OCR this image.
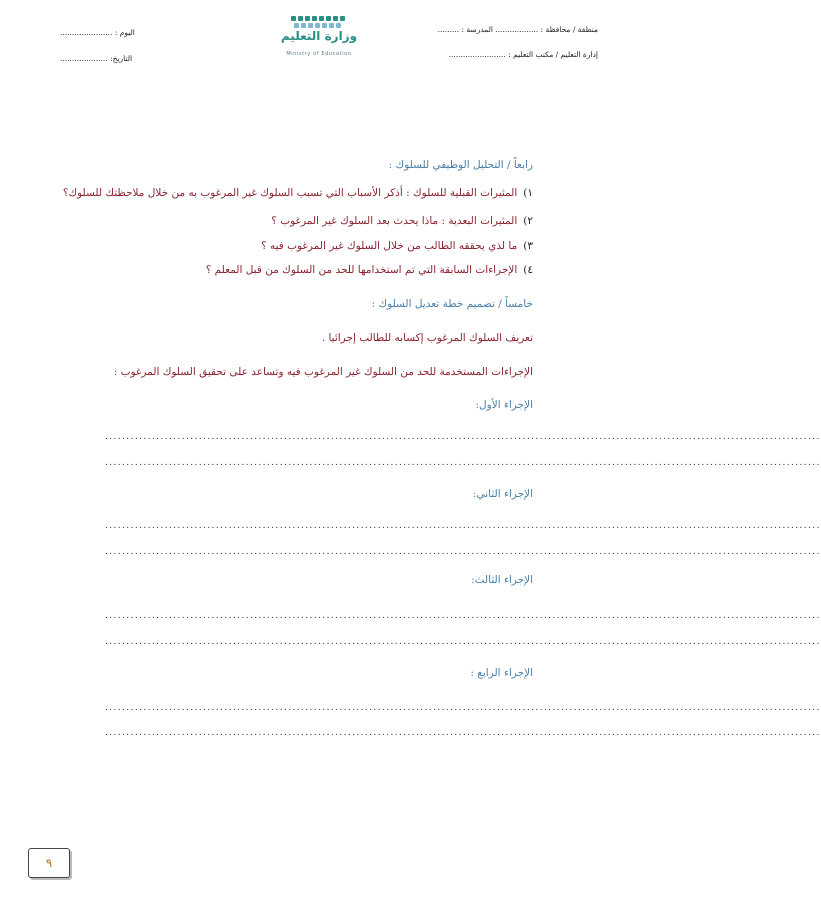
منطقة / محافظة : .................. المدرسة : .........
إدارة التعليم / مكتب التعليم : ........................
اليوم : ......................
التاريخ: ....................
وزارة التعليم
Ministry of Education
رابعاً / التحليل الوظيفي للسلوك :
١)المثيرات القبلية للسلوك : أذكر الأسباب التي تسبب السلوك غير المرغوب به من خلال ملاحظتك للسلوك؟
٢)المثيرات البعدية : ماذا يحدث بعد السلوك غير المرغوب ؟
٣)ما لذي يحققه الطالب من خلال السلوك غير المرغوب فيه ؟
٤)الإجراءات السابقة التي تم استخدامها للحد من السلوك من قبل المعلم ؟
خامساً / تصميم خطة تعديل السلوك :
تعريف السلوك المرغوب إكسابه للطالب إجرائيا .
الإجراءات المستخدمة للحد من السلوك غير المرغوب فيه وتساعد على تحقيق السلوك المرغوب :
الإجراء الأول:
........................................................................................................................................................................
........................................................................................................................................................................
الإجراء الثاني:
........................................................................................................................................................................
........................................................................................................................................................................
الإجراء الثالث:
........................................................................................................................................................................
........................................................................................................................................................................
الإجراء الرابع :
........................................................................................................................................................................
........................................................................................................................................................................
٩
